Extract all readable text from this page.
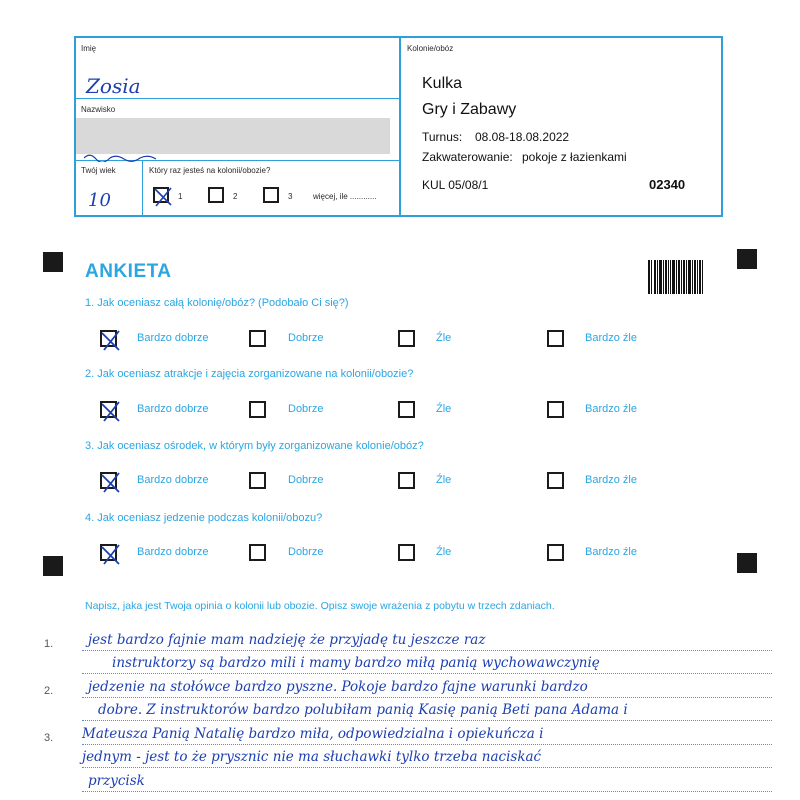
Imię
Zosia
Nazwisko
Twój wiek
10
Który raz jesteś na kolonii/obozie?
1	2	3	więcej, ile ............
Kolonie/obóz
Kulka
Gry i Zabawy
Turnus: 08.08-18.08.2022
Zakwaterowanie: pokoje z łazienkami
KUL 05/08/1	02340
ANKIETA
1. Jak oceniasz całą kolonię/obóz? (Podobało Ci się?)
2. Jak oceniasz atrakcje i zajęcia zorganizowane na kolonii/obozie?
3. Jak oceniasz ośrodek, w którym były zorganizowane kolonie/obóz?
4. Jak oceniasz jedzenie podczas kolonii/obozu?
Bardzo dobrze	Dobrze	Źle	Bardzo źle
Bardzo dobrze	Dobrze	Źle	Bardzo źle
Bardzo dobrze	Dobrze	Źle	Bardzo źle
Bardzo dobrze	Dobrze	Źle	Bardzo źle
Napisz, jaka jest Twoja opinia o kolonii lub obozie. Opisz swoje wrażenia z pobytu w trzech zdaniach.
1.
2.
3.
jest bardzo fajnie mam nadzieję że przyjadę tu jeszcze raz
instruktorzy są bardzo mili i mamy bardzo miłą panią wychowawczynię
jedzenie na stołówce bardzo pyszne. Pokoje bardzo fajne warunki bardzo
dobre. Z instruktorów bardzo polubiłam panią Kasię panią Beti pana Adama i
Mateusza Panią Natalię bardzo miła, odpowiedzialna i opiekuńcza i
jednym - jest to że prysznic nie ma słuchawki tylko trzeba naciskać
przycisk
